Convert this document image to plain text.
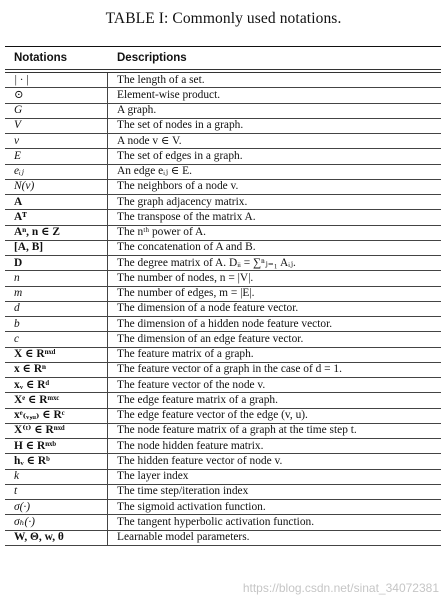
TABLE I: Commonly used notations.
Notations	Descriptions
| · |	The length of a set.
⊙	Element-wise product.
G	A graph.
V	The set of nodes in a graph.
v	A node v ∈ V.
E	The set of edges in a graph.
eᵢⱼ	An edge eᵢⱼ ∈ E.
N(v)	The neighbors of a node v.
A	The graph adjacency matrix.
Aᵀ	The transpose of the matrix A.
Aⁿ, n ∈ Z	The nᵗʰ power of A.
[A, B]	The concatenation of A and B.
D	The degree matrix of A. Dᵢᵢ = ∑ⁿⱼ₌₁ Aᵢⱼ.
n	The number of nodes, n = |V|.
m	The number of edges, m = |E|.
d	The dimension of a node feature vector.
b	The dimension of a hidden node feature vector.
c	The dimension of an edge feature vector.
X ∈ Rⁿˣᵈ	The feature matrix of a graph.
x ∈ Rⁿ	The feature vector of a graph in the case of d = 1.
xᵥ ∈ Rᵈ	The feature vector of the node v.
Xᵉ ∈ Rᵐˣᶜ	The edge feature matrix of a graph.
xᵉ₍ᵥ,ᵤ₎ ∈ Rᶜ	The edge feature vector of the edge (v, u).
X⁽ᵗ⁾ ∈ Rⁿˣᵈ	The node feature matrix of a graph at the time step t.
H ∈ Rⁿˣᵇ	The node hidden feature matrix.
hᵥ ∈ Rᵇ	The hidden feature vector of node v.
k	The layer index
t	The time step/iteration index
σ(·)	The sigmoid activation function.
σₕ(·)	The tangent hyperbolic activation function.
W, Θ, w, θ	Learnable model parameters.
https://blog.csdn.net/sinat_34072381
